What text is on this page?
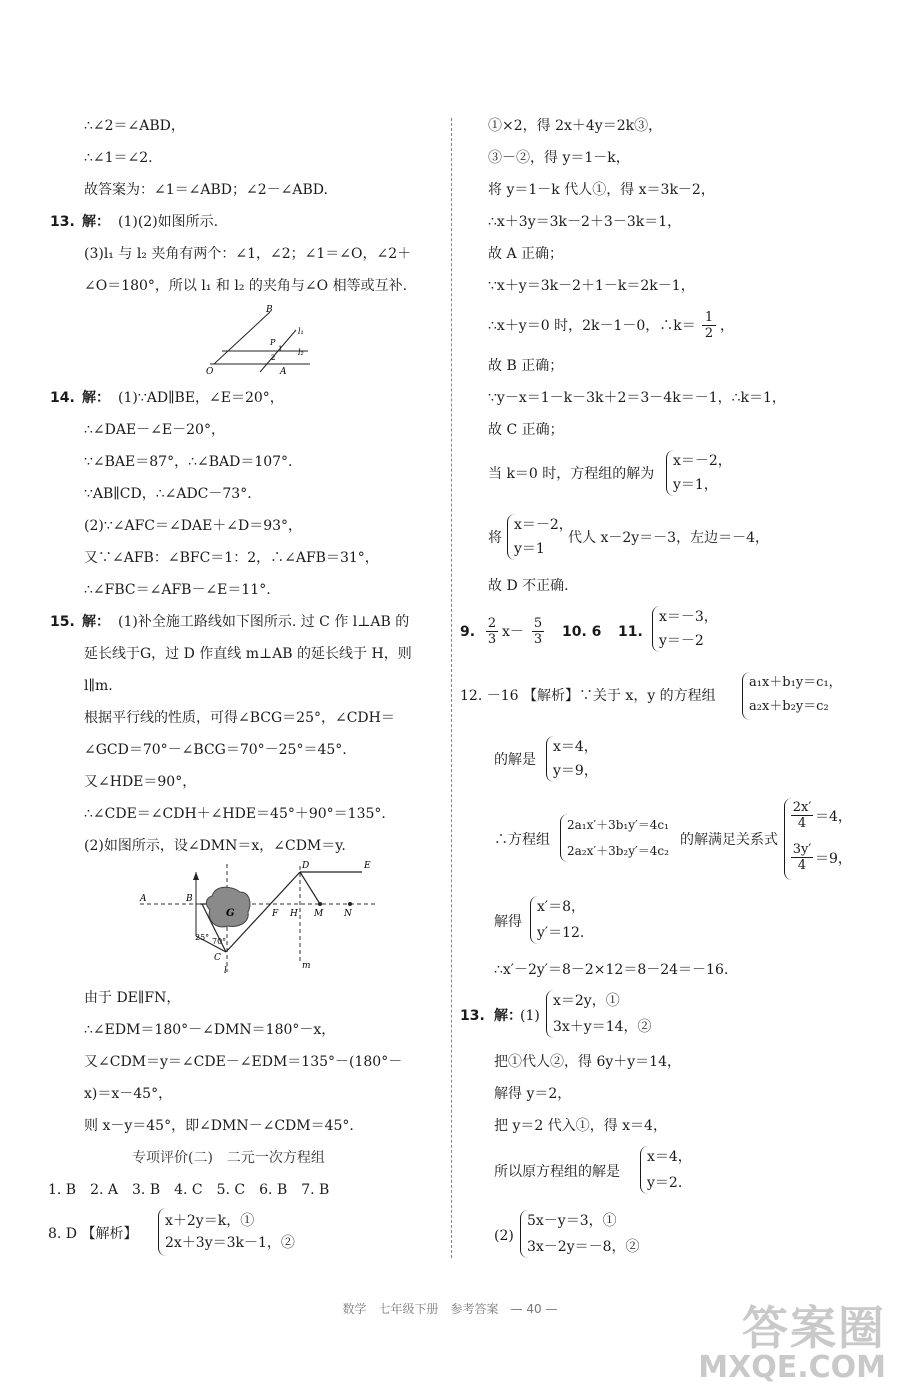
∴∠2＝∠ABD，
∴∠1＝∠2.
故答案为：∠1＝∠ABD；∠2－∠ABD.
13. 解： (1)(2)如图所示.
(3)l₁ 与 l₂ 夹角有两个：∠1，∠2；∠1＝∠O，∠2＋
∠O＝180°，所以 l₁ 和 l₂ 的夹角与∠O 相等或互补.
B
l₁
l₂
P
1
2
O	A
14. 解： (1)∵AD∥BE，∠E＝20°，
∴∠DAE－∠E－20°，
∵∠BAE＝87°，∴∠BAD＝107°.
∵AB∥CD，∴∠ADC－73°.
(2)∵∠AFC＝∠DAE＋∠D＝93°，
又∵∠AFB：∠BFC＝1：2，∴∠AFB＝31°，
∴∠FBC＝∠AFB－∠E＝11°.
15. 解： (1)补全施工路线如下图所示. 过 C 作 l⊥AB 的
延长线于G，过 D 作直线 m⊥AB 的延长线于 H，则
l∥m.
根据平行线的性质，可得∠BCG＝25°，∠CDH＝
∠GCD＝70°－∠BCG＝70°－25°＝45°.
又∠HDE＝90°，
∴∠CDE＝∠CDH＋∠HDE＝45°＋90°＝135°.
(2)如图所示，设∠DMN＝x，∠CDM＝y.
A	B
G
25° 70°
C
l
D	E
F H M N
m
由于 DE∥FN，
∴∠EDM＝180°－∠DMN＝180°－x，
又∠CDM＝y＝∠CDE－∠EDM＝135°－(180°－
x)＝x－45°，
则 x－y＝45°，即∠DMN－∠CDM＝45°.
专项评价(二)　二元一次方程组
1. B　2. A　3. B　4. C　5. C　6. B　7. B
8. D 【解析】
x＋2y＝k，①
2x＋3y＝3k－1，②
①×2，得 2x＋4y＝2k③，
③－②，得 y＝1－k，
将 y＝1－k 代人①，得 x＝3k－2，
∴x＋3y＝3k－2＋3－3k＝1，
故 A 正确；
∵x＋y＝3k－2＋1－k＝2k－1，
∴x＋y＝0 时，2k－1－0，∴k＝ $\frac{1}{2}$ ，
故 B 正确；
∵y－x＝1－k－3k＋2＝3－4k＝－1，∴k＝1，
故 C 正确；
当 k＝0 时，方程组的解为
x＝－2，
y＝1，
将
x＝－2，
y＝1
代人 x－2y＝－3，左边＝－4，
故 D 不正确.
9. $\frac{2}{3} x- \frac{5}{3} 10$. 6 11.
x＝－3，
y＝－2
12. －16 【解析】∵关于 x，y 的方程组
a₁x＋b₁y＝c₁，
a₂x＋b₂y＝c₂
的解是
x＝4，
y＝9，
∴方程组
2a₁x′＋3b₁y′＝4c₁
2a₂x′＋3b₂y′＝4c₂
的解满足关系式
$\frac{2x'}{4} =4$，
$\frac{3y'}{4} =9$，
解得
x′＝8，
y′＝12.
∴x′－2y′＝8－2×12＝8－24＝－16.
13. 解：
(1)
x＝2y，①
3x＋y＝14，②
把①代人②，得 6y＋y＝14，
解得 y＝2，
把 y＝2 代入①，得 x＝4，
所以原方程组的解是
x＝4，
y＝2.
(2)
5x－y＝3，①
3x－2y＝－8，②
数学　七年级下册　参考答案　— 40 —	答案圈
MXQE.COM
